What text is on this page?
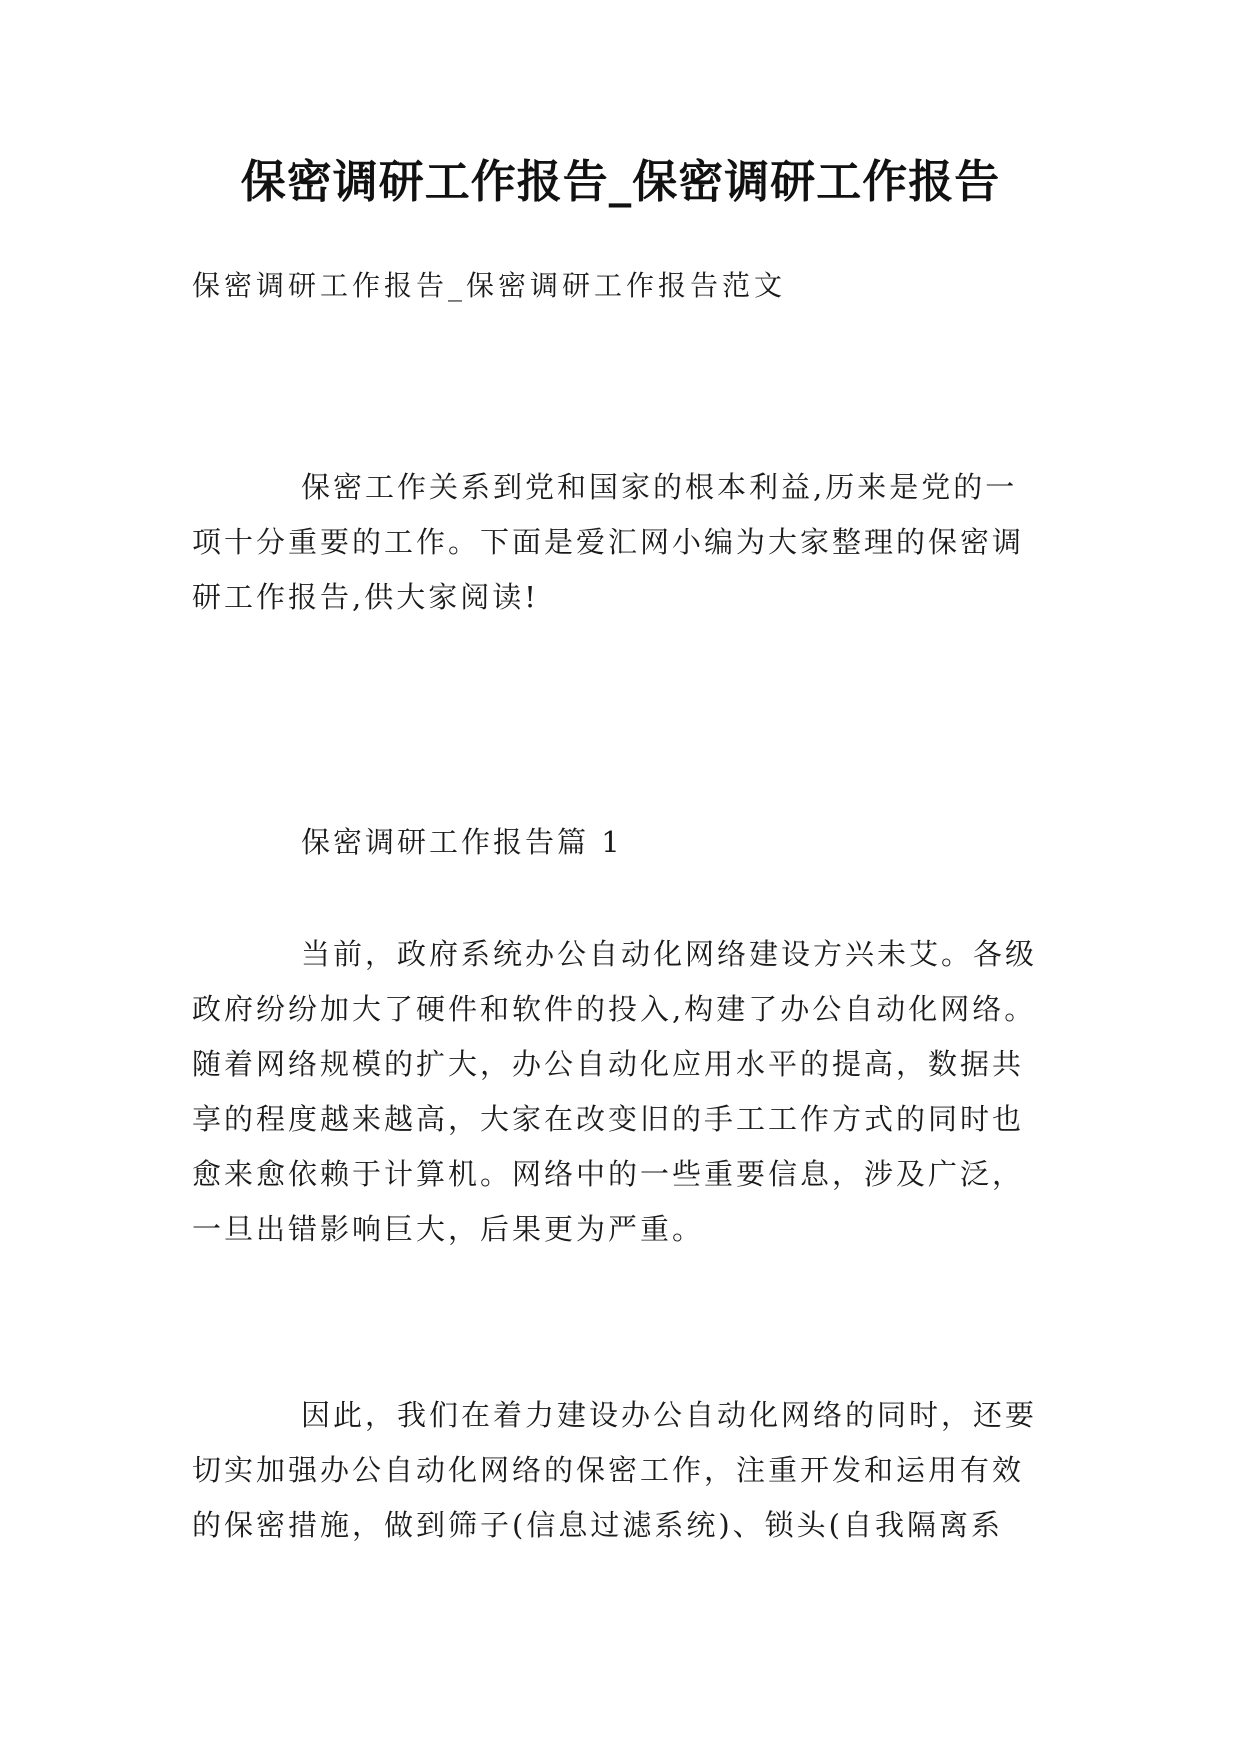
保密调研工作报告_保密调研工作报告
保密调研工作报告_保密调研工作报告范文

保密工作关系到党和国家的根本利益,历来是党的一
项十分重要的工作。下面是爱汇网小编为大家整理的保密调
研工作报告,供大家阅读!

保密调研工作报告篇 1

当前，政府系统办公自动化网络建设方兴未艾。各级
政府纷纷加大了硬件和软件的投入,构建了办公自动化网络。
随着网络规模的扩大，办公自动化应用水平的提高，数据共
享的程度越来越高，大家在改变旧的手工工作方式的同时也
愈来愈依赖于计算机。网络中的一些重要信息，涉及广泛，
一旦出错影响巨大，后果更为严重。

因此，我们在着力建设办公自动化网络的同时，还要
切实加强办公自动化网络的保密工作，注重开发和运用有效
的保密措施，做到筛子(信息过滤系统)、锁头(自我隔离系
